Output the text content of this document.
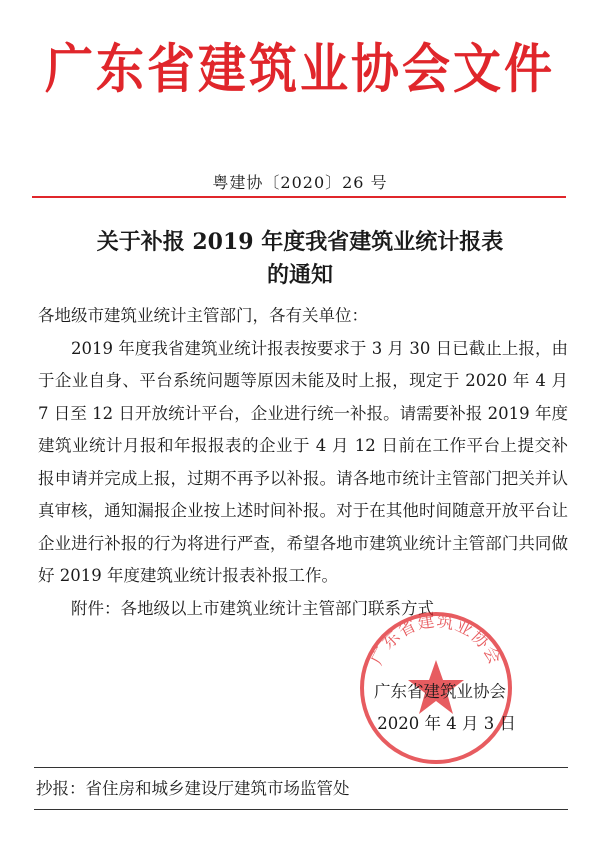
广东省建筑业协会文件
粤建协〔2020〕26 号
关于补报 2019 年度我省建筑业统计报表
的通知

各地级市建筑业统计主管部门，各有关单位：

2019 年度我省建筑业统计报表按要求于 3 月 30 日已截止上报，由于企业自身、平台系统问题等原因未能及时上报，现定于 2020 年 4 月 7 日至 12 日开放统计平台，企业进行统一补报。请需要补报 2019 年度建筑业统计月报和年报报表的企业于 4 月 12 日前在工作平台上提交补报申请并完成上报，过期不再予以补报。请各地市统计主管部门把关并认真审核，通知漏报企业按上述时间补报。对于在其他时间随意开放平台让企业进行补报的行为将进行严查，希望各地市建筑业统计主管部门共同做好 2019 年度建筑业统计报表补报工作。

附件：各地级以上市建筑业统计主管部门联系方式

广东省建筑业协会
广东省建筑业协会
2020 年 4 月 3 日
抄报：省住房和城乡建设厅建筑市场监管处
